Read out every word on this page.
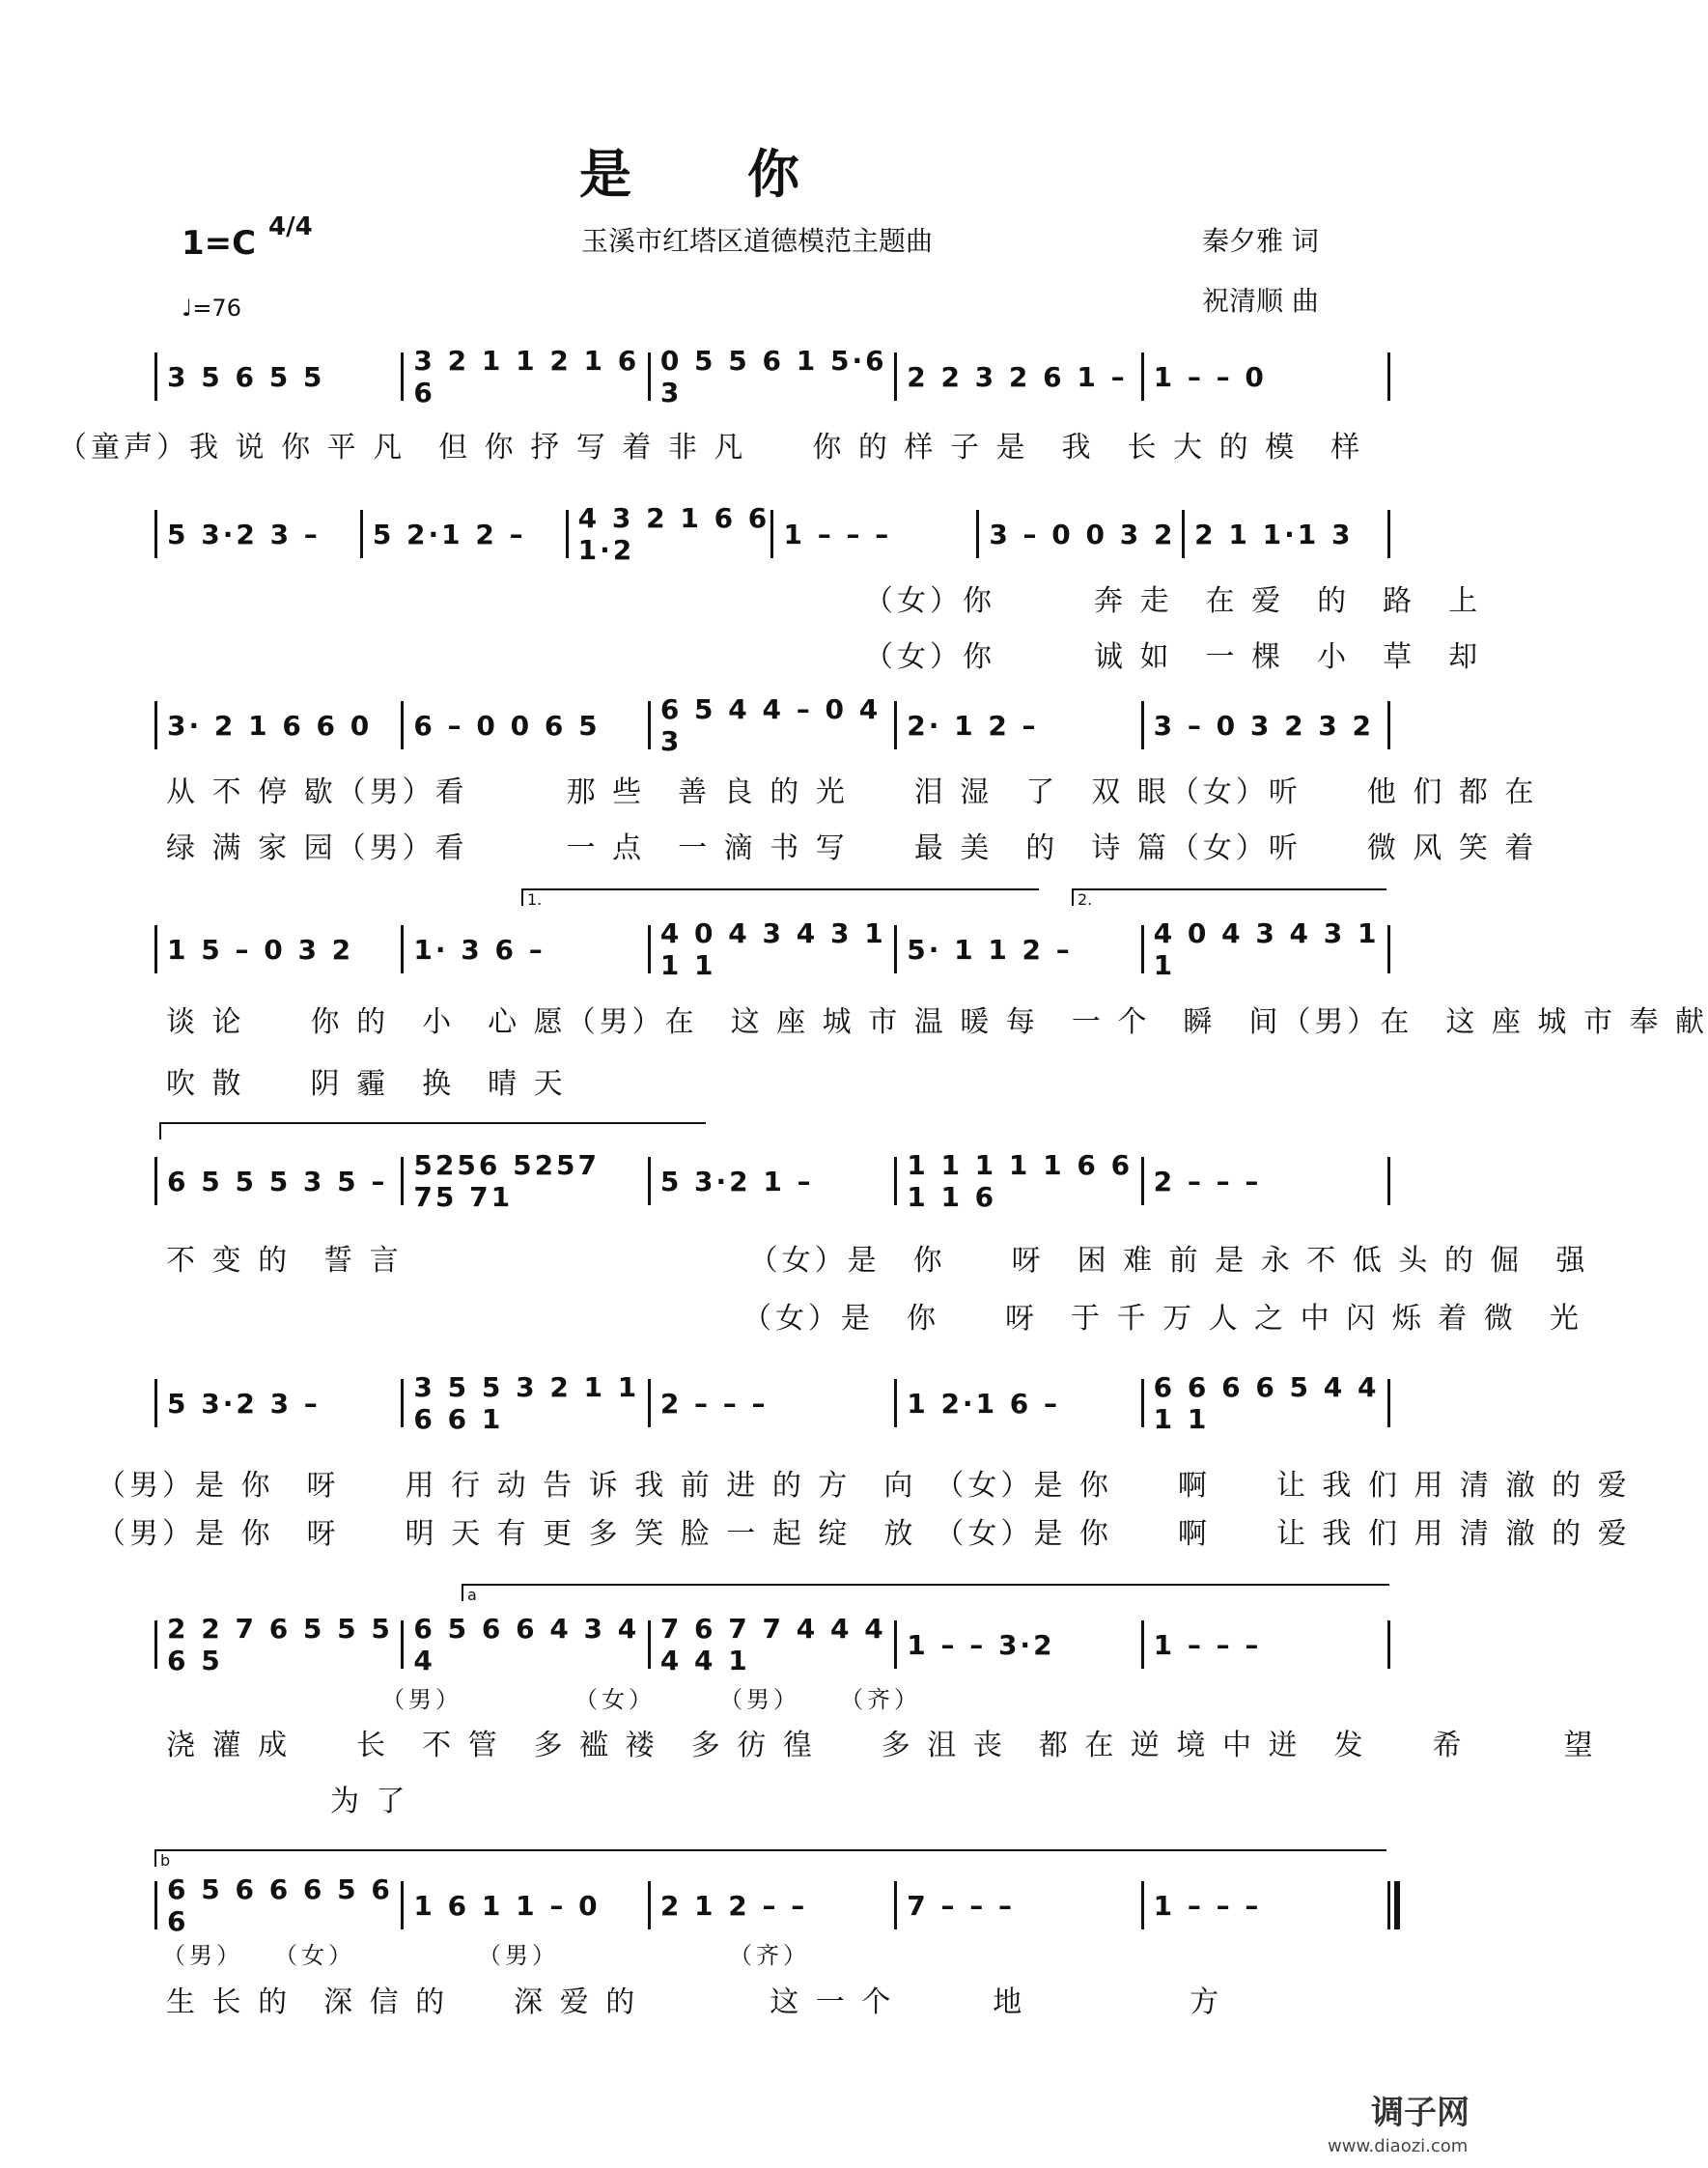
是　　你
1=C 4/4	玉溪市红塔区道德模范主题曲	秦夕雅 词
祝清顺 曲
♩=76
3 5 6 5 5	3 2 1 1 2 1 6 6
0 5 5 6 1 5·6 3	2 2 3 2 6 1 – 1 – – 0
（童声）我 说 你 平 凡　但 你 抒 写 着 非 凡　　你 的 样 子 是　我　长 大 的 模　样
5 3·2 3 –	5 2·1 2 –	4 3 2 1 6 6 1·2	1 – – –	3 – 0 0 3 2 2 1 1·1 3
（女）你　　　奔 走　在 爱　的　路　上
（女）你　　　诚 如　一 棵　小　草　却
3· 2 1 6 6 0	6 – 0 0 6 5	6 5 4 4 – 0 4 3	2· 1 2 –	3 – 0 3 2 3 2
从 不 停 歇（男）看　　　那 些　善 良 的 光　　泪 湿　了　双 眼（女）听　　他 们 都 在
绿 满 家 园（男）看　　　一 点　一 滴 书 写　　最 美　的　诗 篇（女）听　　微 风 笑 着
1.	2.
1 5 – 0 3 2	1· 3 6 –	4 0 4 3 4 3 1 1 1	5· 1 1 2 –	4 0 4 3 4 3 1 1
谈 论　　你 的　小　心 愿（男）在　这 座 城 市 温 暖 每　一 个　瞬　间（男）在　这 座 城 市 奉 献
吹 散　　阴 霾　换　晴 天
6 5 5 5 3 5 – 5256 5257 75 71	5 3·2 1 –	1 1 1 1 1 6 6 1 1 6	2 – – –
不 变 的　誓 言　　　　　　　　　　　（女）是　你　　呀　困 难 前 是 永 不 低 头 的 倔　强
　　　　　　　　　　　　　　　　　　（女）是　你　　呀　于 千 万 人 之 中 闪 烁 着 微　光
5 3·2 3 –	3 5 5 3 2 1 1 6 6 1	2 – – –	1 2·1 6 –	6 6 6 6 5 4 4 1 1
（男）是 你　呀　　用 行 动 告 诉 我 前 进 的 方　向　（女）是 你　　啊　　让 我 们 用 清 澈 的 爱
（男）是 你　呀　　明 天 有 更 多 笑 脸 一 起 绽　放　（女）是 你　　啊　　让 我 们 用 清 澈 的 爱
a
2 2 7 6 5 5 5 6 5
6 5 6 6 4 3 4 4
7 6 7 7 4 4 4 4 4 1	1 – – 3·2	1 – – –
（男）	（女）	（男） （齐）
浇 灌 成　　长　不 管　多 褴 褛　多 彷 徨　　多 沮 丧　都 在 逆 境 中 迸　发　　希　　　望
　　　　　为 了
b
6 5 6 6 6 5 6 6	1 6 1 1 – 0	2 1 2 – –	7 – – –	1 – – –
（男）　　（女）	（男）	（齐）
生 长 的　深 信 的　　深 爱 的　　　　这 一 个　　　地　　　　　方
调子网
www.diaozi.com
